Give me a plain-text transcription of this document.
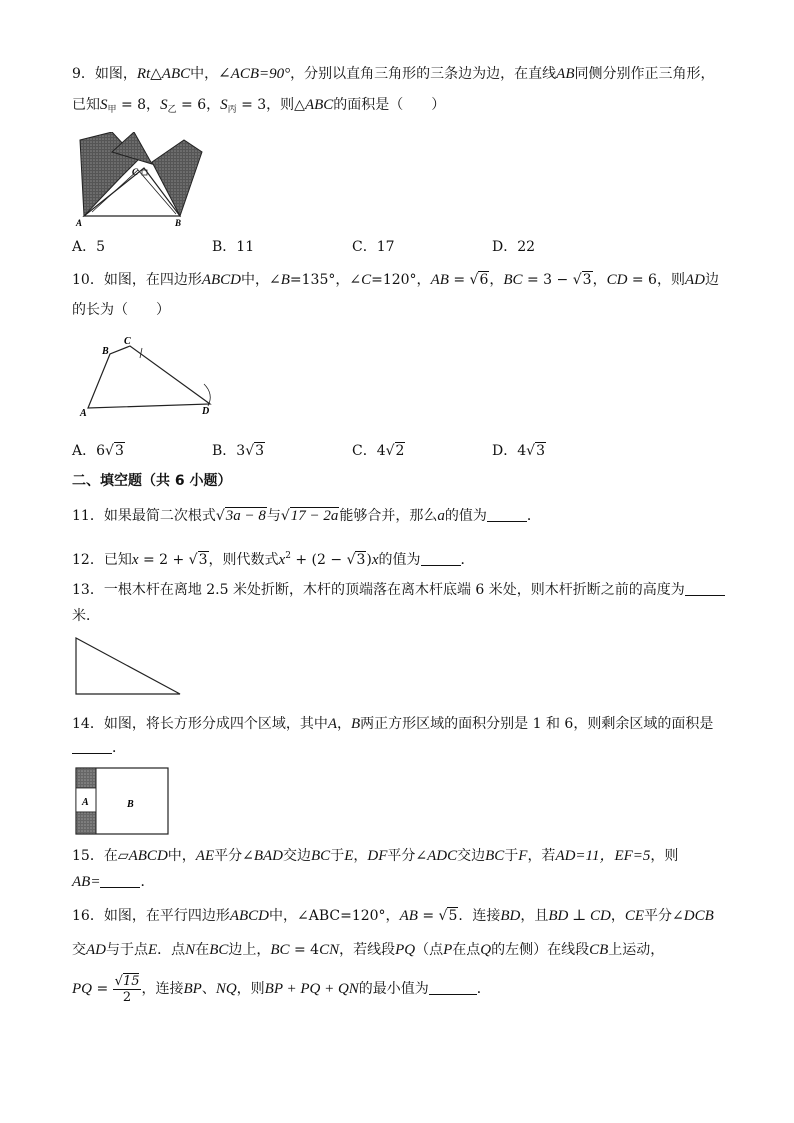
9．如图，Rt△ABC中，∠ACB=90°，分别以直角三角形的三条边为边，在直线AB同侧分别作正三角形，
已知$S_甲 = 8$，$S_乙 = 6$，$S_丙 = 3$，则△ABC的面积是（　　）
A	B
C
A．5	B．11	C．17	D．22
10．如图，在四边形ABCD中，∠B=135°，∠C=120°，AB = √6，BC = 3 − √3，CD = 6，则AD边
的长为（　　）
A
B
C
D
A．6√3	B．3√3	C．4√2	D．4√3
二、填空题（共 6 小题）
11．如果最简二次根式√3a − 8与√17 − 2a能够合并，那么a的值为	．
12．已知x = 2 + √3，则代数式$x^2 + (2 - √3)x$的值为	．
13．一根木杆在离地 2.5 米处折断，木杆的顶端落在离木杆底端 6 米处，则木杆折断之前的高度为
米．
14．如图，将长方形分成四个区域，其中A，B两正方形区域的面积分别是 1 和 6，则剩余区域的面积是
．
A	B
15．在▱ABCD中，AE平分∠BAD交边BC于E，DF平分∠ADC交边BC于F，若AD=11，EF=5，则
AB=	．
16．如图，在平行四边形ABCD中，∠ABC=120°，AB = √5．连接BD，且BD ⊥ CD，CE平分∠DCB
交AD与于点E．点N在BC边上，BC = 4CN，若线段PQ（点P在点Q的左侧）在线段CB上运动，
PQ = $\frac{√15}{2}$ ，连接BP、NQ，则BP + PQ + QN的最小值为	．
